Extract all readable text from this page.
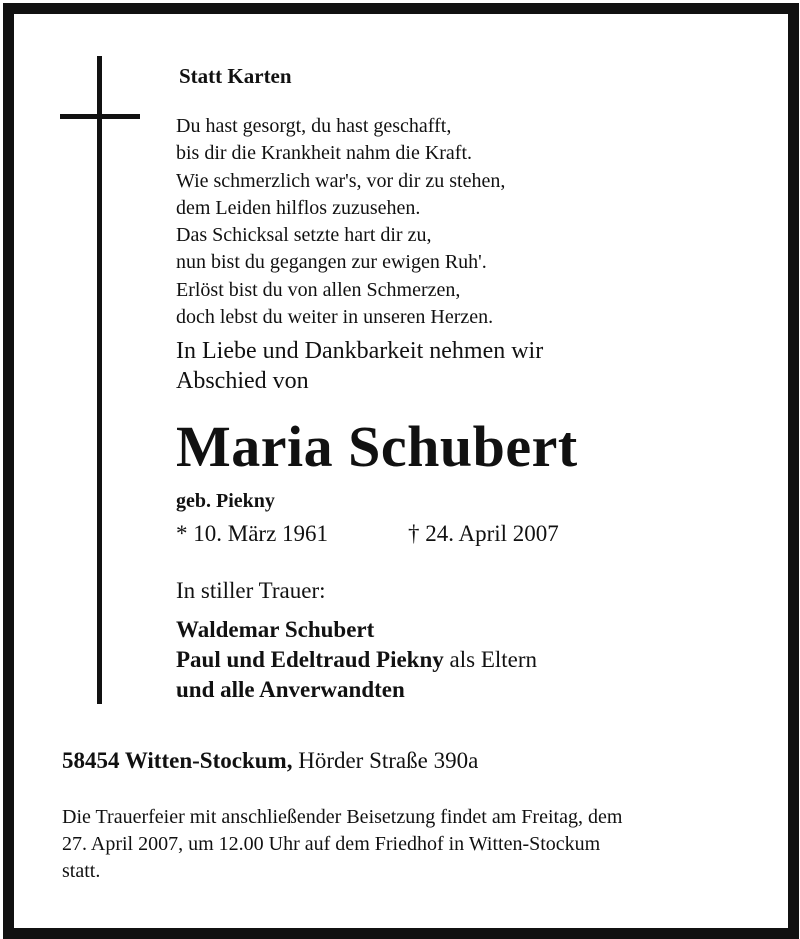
Statt Karten
Du hast gesorgt, du hast geschafft,
bis dir die Krankheit nahm die Kraft.
Wie schmerzlich war's, vor dir zu stehen,
dem Leiden hilflos zuzusehen.
Das Schicksal setzte hart dir zu,
nun bist du gegangen zur ewigen Ruh'.
Erlöst bist du von allen Schmerzen,
doch lebst du weiter in unseren Herzen.
In Liebe und Dankbarkeit nehmen wir
Abschied von
Maria Schubert
geb. Piekny
* 10. März 1961	† 24. April 2007
In stiller Trauer:
Waldemar Schubert
Paul und Edeltraud Piekny als Eltern
und alle Anverwandten
58454 Witten-Stockum, Hörder Straße 390a
Die Trauerfeier mit anschließender Beisetzung findet am Freitag, dem
27. April 2007, um 12.00 Uhr auf dem Friedhof in Witten-Stockum
statt.
